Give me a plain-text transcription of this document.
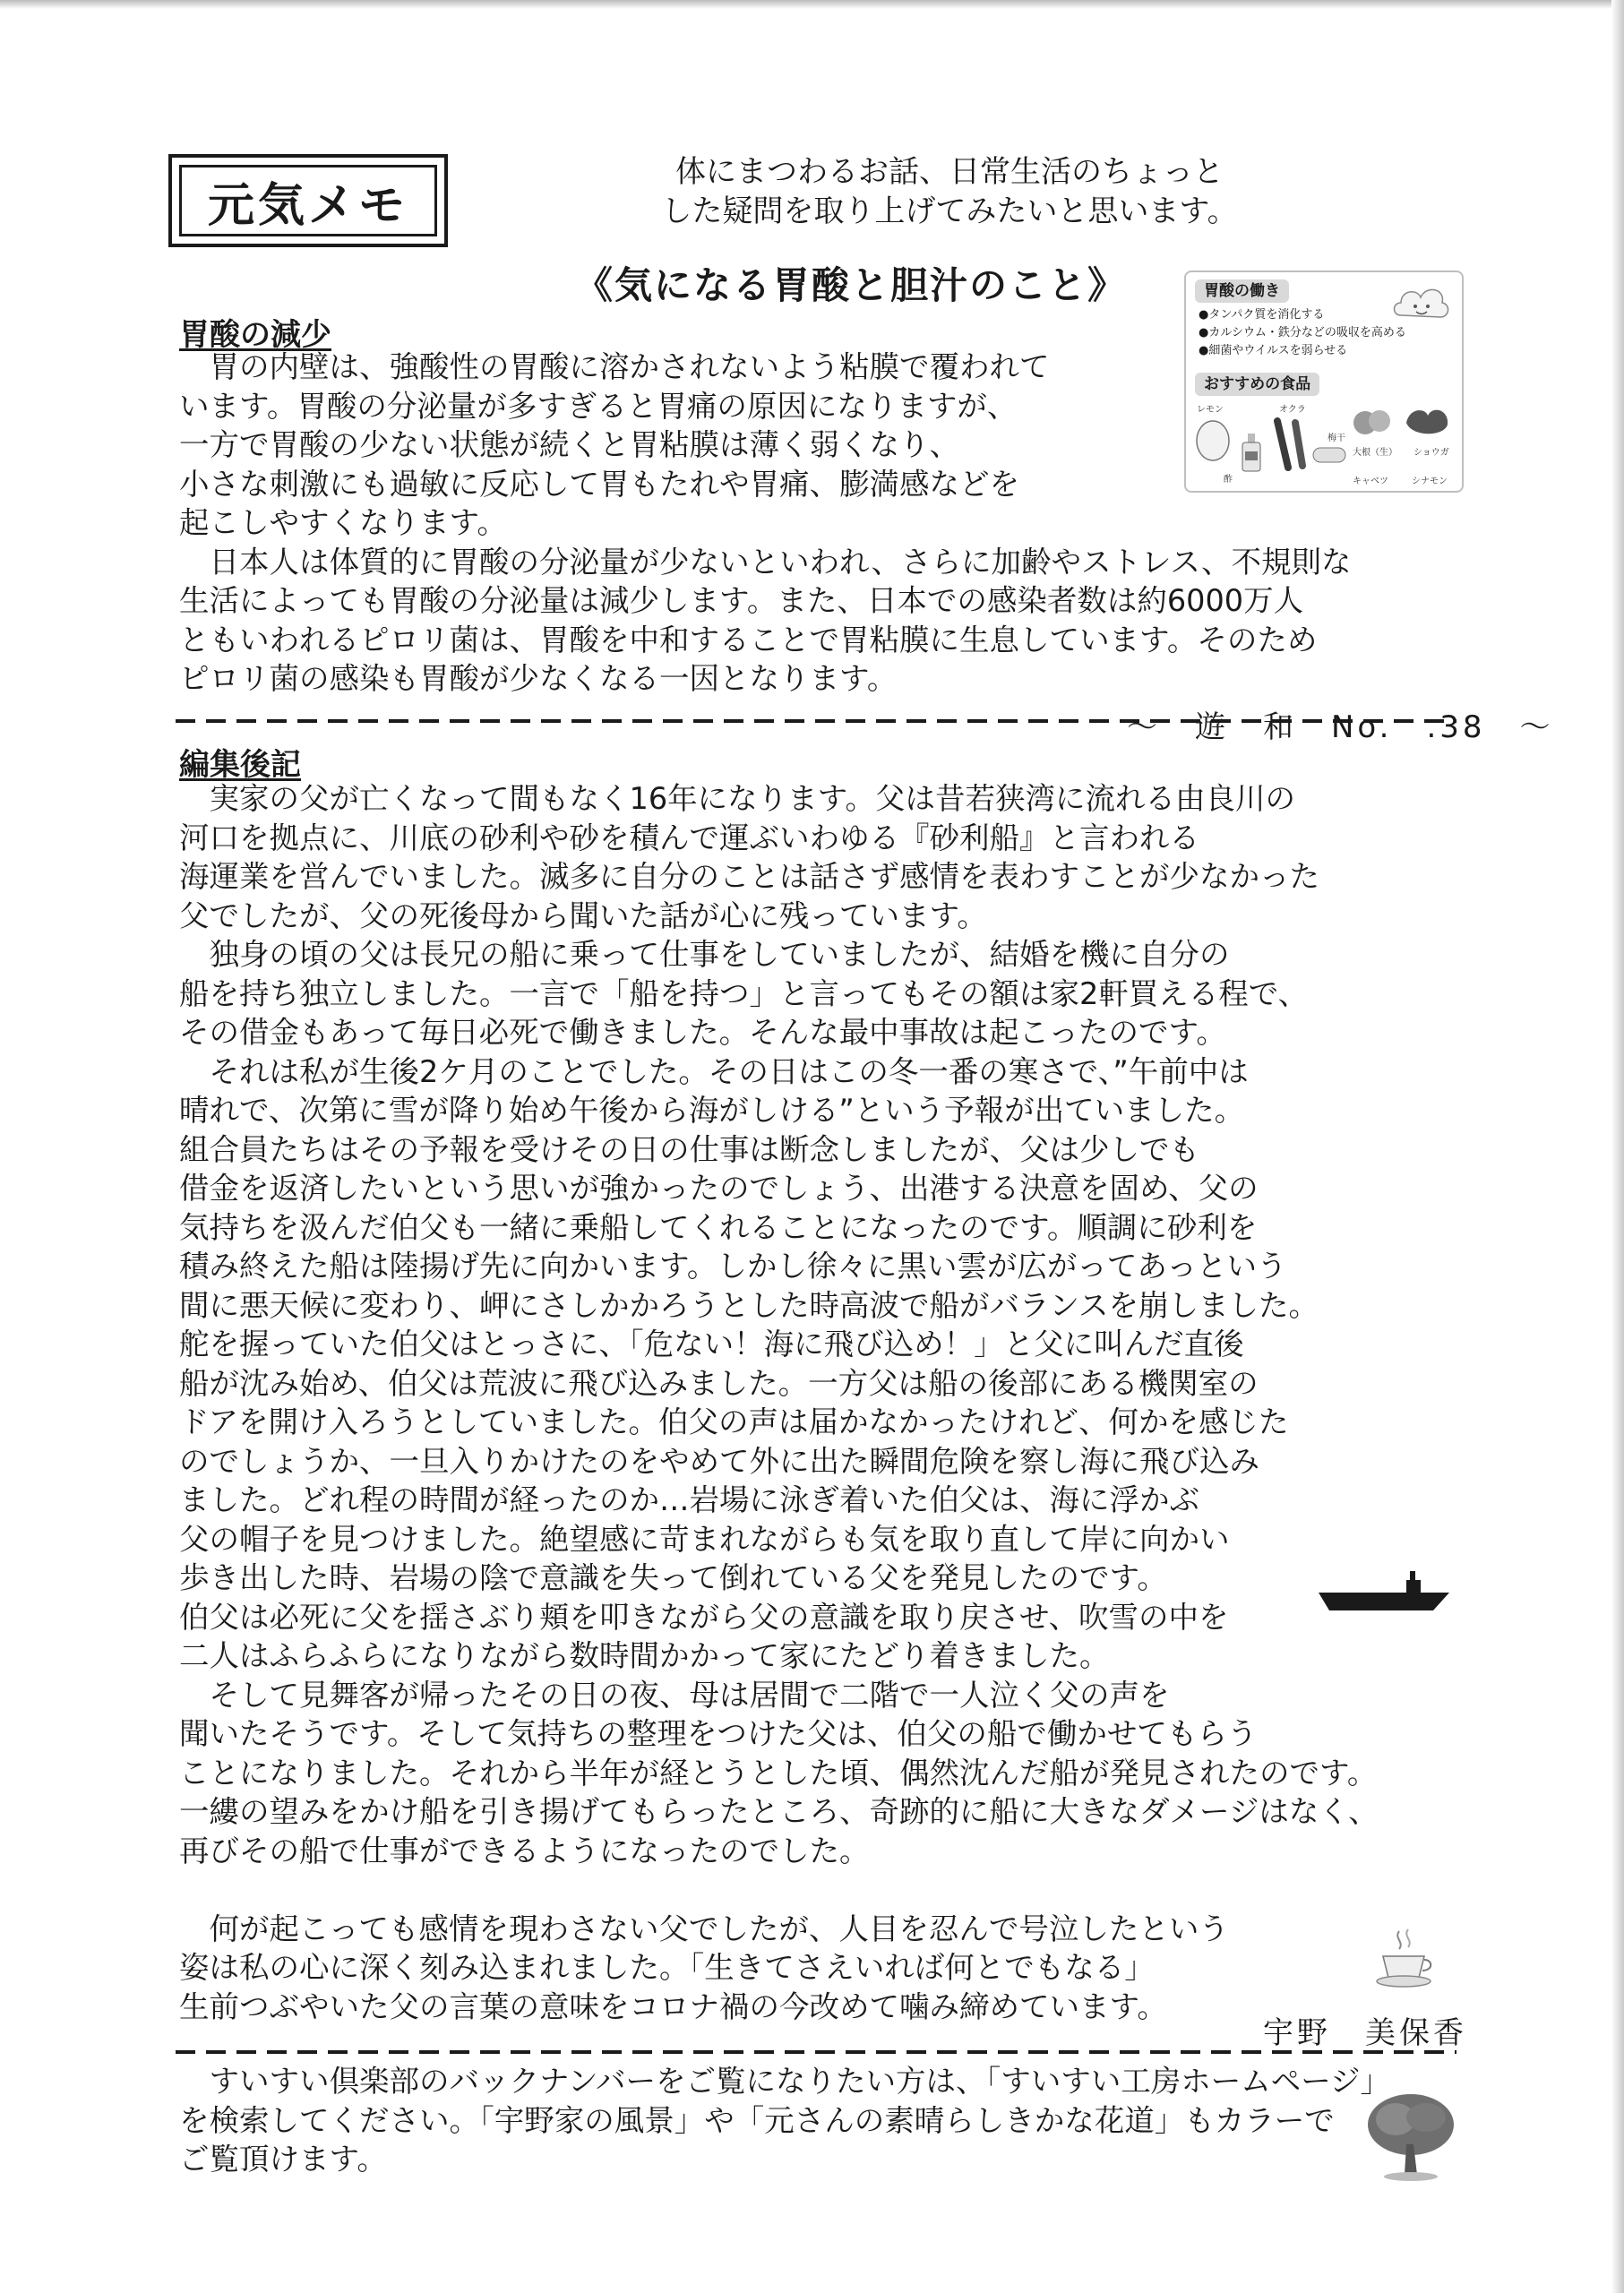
元気メモ
体にまつわるお話、日常生活のちょっと
した疑問を取り上げてみたいと思います。
《気になる胃酸と胆汁のこと》
胃酸の減少
　胃の内壁は、強酸性の胃酸に溶かされないよう粘膜で覆われて
います。胃酸の分泌量が多すぎると胃痛の原因になりますが、
一方で胃酸の少ない状態が続くと胃粘膜は薄く弱くなり、
小さな刺激にも過敏に反応して胃もたれや胃痛、膨満感などを
起こしやすくなります。
　日本人は体質的に胃酸の分泌量が少ないといわれ、さらに加齢やストレス、不規則な
生活によっても胃酸の分泌量は減少します。また、日本での感染者数は約6000万人
ともいわれるピロリ菌は、胃酸を中和することで胃粘膜に生息しています。そのため
ピロリ菌の感染も胃酸が少なくなる一因となります。
～　遊　和　No.　.38　～
胃酸の働き
●タンパク質を消化する
●カルシウム・鉄分などの吸収を高める
●細菌やウイルスを弱らせる
おすすめの食品
レモン
酢
オクラ
梅干
大根（生）
キャベツ
ショウガ
シナモン
編集後記
　実家の父が亡くなって間もなく16年になります。父は昔若狭湾に流れる由良川の
河口を拠点に、川底の砂利や砂を積んで運ぶいわゆる『砂利船』と言われる
海運業を営んでいました。滅多に自分のことは話さず感情を表わすことが少なかった
父でしたが、父の死後母から聞いた話が心に残っています。
　独身の頃の父は長兄の船に乗って仕事をしていましたが、結婚を機に自分の
船を持ち独立しました。一言で「船を持つ」と言ってもその額は家2軒買える程で、
その借金もあって毎日必死で働きました。そんな最中事故は起こったのです。
　それは私が生後2ケ月のことでした。その日はこの冬一番の寒さで、”午前中は
晴れで、次第に雪が降り始め午後から海がしける”という予報が出ていました。
組合員たちはその予報を受けその日の仕事は断念しましたが、父は少しでも
借金を返済したいという思いが強かったのでしょう、出港する決意を固め、父の
気持ちを汲んだ伯父も一緒に乗船してくれることになったのです。順調に砂利を
積み終えた船は陸揚げ先に向かいます。しかし徐々に黒い雲が広がってあっという
間に悪天候に変わり、岬にさしかかろうとした時高波で船がバランスを崩しました。
舵を握っていた伯父はとっさに、「危ない！海に飛び込め！」と父に叫んだ直後
船が沈み始め、伯父は荒波に飛び込みました。一方父は船の後部にある機関室の
ドアを開け入ろうとしていました。伯父の声は届かなかったけれど、何かを感じた
のでしょうか、一旦入りかけたのをやめて外に出た瞬間危険を察し海に飛び込み
ました。どれ程の時間が経ったのか…岩場に泳ぎ着いた伯父は、海に浮かぶ
父の帽子を見つけました。絶望感に苛まれながらも気を取り直して岸に向かい
歩き出した時、岩場の陰で意識を失って倒れている父を発見したのです。
伯父は必死に父を揺さぶり頬を叩きながら父の意識を取り戻させ、吹雪の中を
二人はふらふらになりながら数時間かかって家にたどり着きました。
　そして見舞客が帰ったその日の夜、母は居間で二階で一人泣く父の声を
聞いたそうです。そして気持ちの整理をつけた父は、伯父の船で働かせてもらう
ことになりました。それから半年が経とうとした頃、偶然沈んだ船が発見されたのです。
一縷の望みをかけ船を引き揚げてもらったところ、奇跡的に船に大きなダメージはなく、
再びその船で仕事ができるようになったのでした。
　何が起こっても感情を現わさない父でしたが、人目を忍んで号泣したという
姿は私の心に深く刻み込まれました。「生きてさえいれば何とでもなる」
生前つぶやいた父の言葉の意味をコロナ禍の今改めて噛み締めています。
宇野　美保香
　すいすい倶楽部のバックナンバーをご覧になりたい方は、「すいすい工房ホームページ」
を検索してください。「宇野家の風景」や「元さんの素晴らしきかな花道」もカラーで
ご覧頂けます。
